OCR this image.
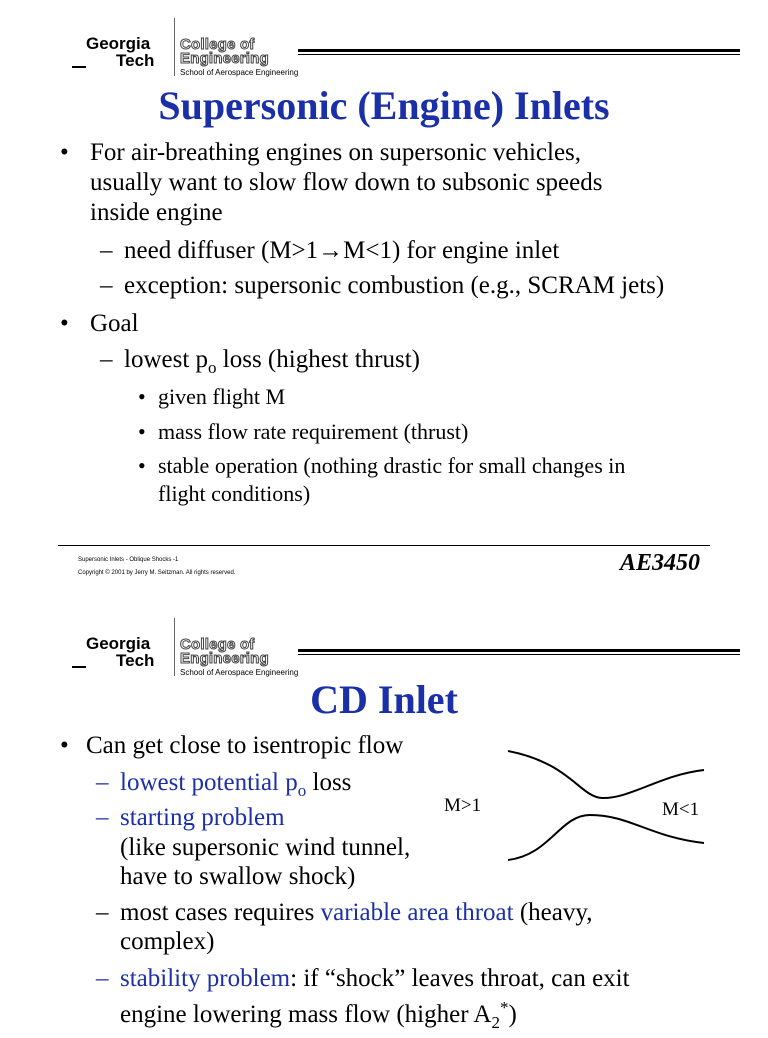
Georgia
Tech
College of
Engineering
School of Aerospace Engineering
Supersonic (Engine) Inlets
• For air-breathing engines on supersonic vehicles,
usually want to slow flow down to subsonic speeds
inside engine
– need diffuser (M>1→M<1) for engine inlet
– exception: supersonic combustion (e.g., SCRAM jets)
• Goal
– lowest $p_o$ loss (highest thrust)
• given flight M
• mass flow rate requirement (thrust)
• stable operation (nothing drastic for small changes in
flight conditions)
Supersonic Inlets - Oblique Shocks -1
Copyright © 2001 by Jerry M. Seitzman. All rights reserved.	AE3450
Georgia
Tech
College of
Engineering
School of Aerospace Engineering
CD Inlet
• Can get close to isentropic flow
– lowest potential $p_o$ loss
– starting problem
(like supersonic wind tunnel,
have to swallow shock)
– most cases requires variable area throat (heavy,
complex)
– stability problem: if “shock” leaves throat, can exit
engine lowering mass flow (higher $A_2^*$)
M>1	M<1
